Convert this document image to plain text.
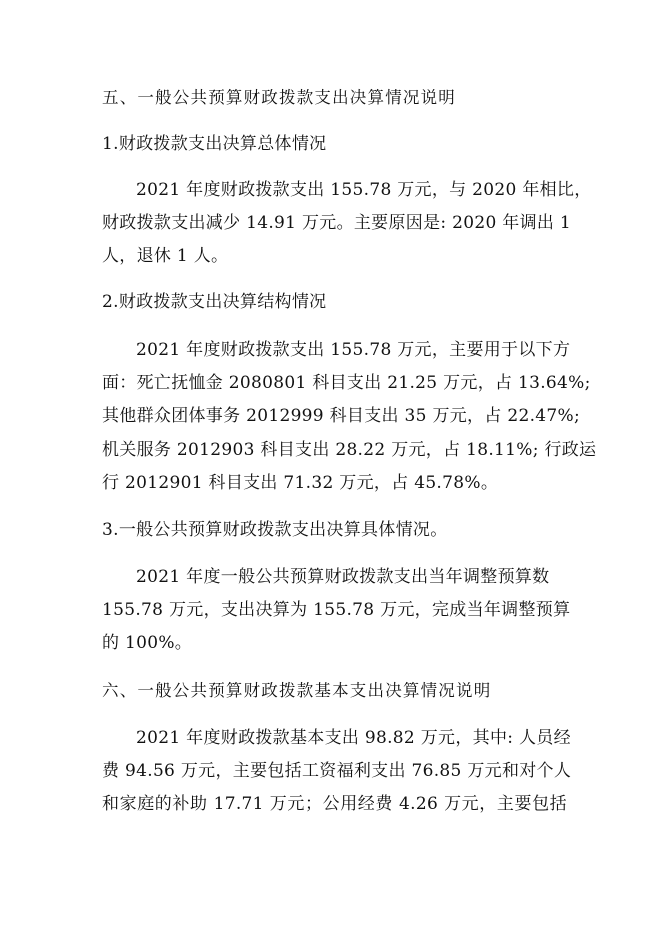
五、一般公共预算财政拨款支出决算情况说明
1.财政拨款支出决算总体情况
2021 年度财政拨款支出 155.78 万元，与 2020 年相比，
财政拨款支出减少 14.91 万元。主要原因是: 2020 年调出 1
人，退休 1 人。
2.财政拨款支出决算结构情况
2021 年度财政拨款支出 155.78 万元，主要用于以下方
面：死亡抚恤金 2080801 科目支出 21.25 万元，占 13.64%;
其他群众团体事务 2012999 科目支出 35 万元，占 22.47%;
机关服务 2012903 科目支出 28.22 万元，占 18.11%; 行政运
行 2012901 科目支出 71.32 万元，占 45.78%。
3.一般公共预算财政拨款支出决算具体情况。
2021 年度一般公共预算财政拨款支出当年调整预算数
155.78 万元，支出决算为 155.78 万元，完成当年调整预算
的 100%。
六、一般公共预算财政拨款基本支出决算情况说明
2021 年度财政拨款基本支出 98.82 万元，其中: 人员经
费 94.56 万元，主要包括工资福利支出 76.85 万元和对个人
和家庭的补助 17.71 万元；公用经费 4.26 万元，主要包括
